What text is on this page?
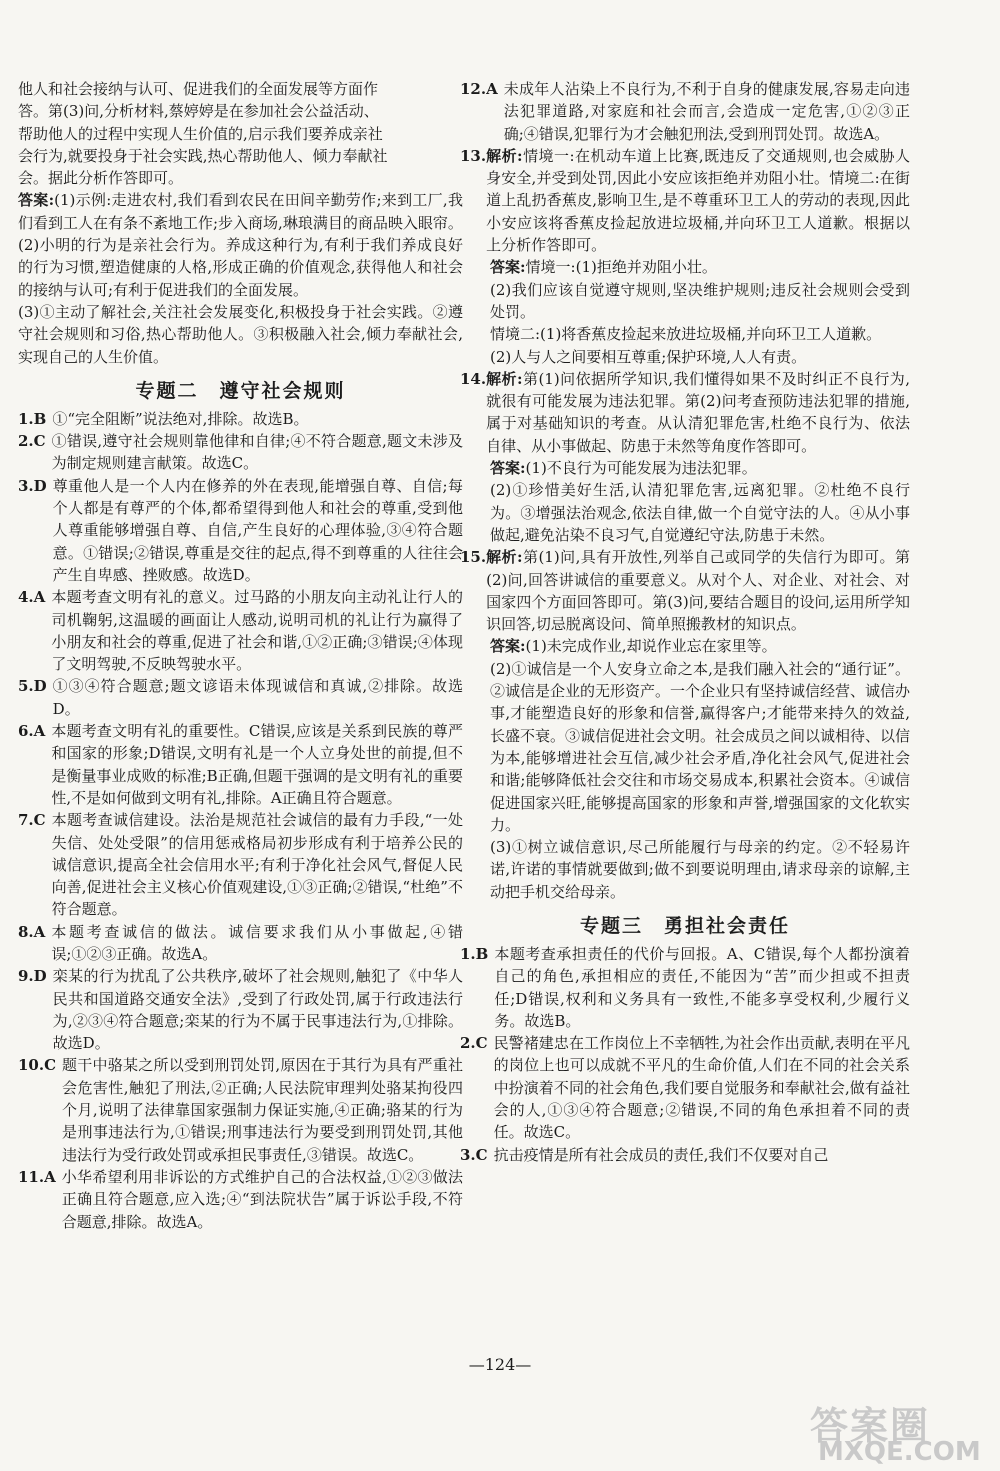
他人和社会接纳与认可、促进我们的全面发展等方面作

答。第(3)问,分析材料,蔡婷婷是在参加社会公益活动、

帮助他人的过程中实现人生价值的,启示我们要养成亲社

会行为,就要投身于社会实践,热心帮助他人、倾力奉献社

会。据此分析作答即可。

答案:(1)示例:走进农村,我们看到农民在田间辛勤劳作;来到工厂,我们看到工人在有条不紊地工作;步入商场,琳琅满目的商品映入眼帘。

(2)小明的行为是亲社会行为。养成这种行为,有利于我们养成良好的行为习惯,塑造健康的人格,形成正确的价值观念,获得他人和社会的接纳与认可;有利于促进我们的全面发展。

(3)①主动了解社会,关注社会发展变化,积极投身于社会实践。②遵守社会规则和习俗,热心帮助他人。③积极融入社会,倾力奉献社会,实现自己的人生价值。

专题二　遵守社会规则
1.B ①“完全阻断”说法绝对,排除。故选B。
2.C ①错误,遵守社会规则靠他律和自律;④不符合题意,题文未涉及为制定规则建言献策。故选C。
3.D 尊重他人是一个人内在修养的外在表现,能增强自尊、自信;每个人都是有尊严的个体,都希望得到他人和社会的尊重,受到他人尊重能够增强自尊、自信,产生良好的心理体验,③④符合题意。①错误;②错误,尊重是交往的起点,得不到尊重的人往往会产生自卑感、挫败感。故选D。
4.A 本题考查文明有礼的意义。过马路的小朋友向主动礼让行人的司机鞠躬,这温暖的画面让人感动,说明司机的礼让行为赢得了小朋友和社会的尊重,促进了社会和谐,①②正确;③错误;④体现了文明驾驶,不反映驾驶水平。
5.D ①③④符合题意;题文谚语未体现诚信和真诚,②排除。故选D。
6.A 本题考查文明有礼的重要性。C错误,应该是关系到民族的尊严和国家的形象;D错误,文明有礼是一个人立身处世的前提,但不是衡量事业成败的标准;B正确,但题干强调的是文明有礼的重要性,不是如何做到文明有礼,排除。A正确且符合题意。
7.C 本题考查诚信建设。法治是规范社会诚信的最有力手段,“一处失信、处处受限”的信用惩戒格局初步形成有利于培养公民的诚信意识,提高全社会信用水平;有利于净化社会风气,督促人民向善,促进社会主义核心价值观建设,①③正确;②错误,“杜绝”不符合题意。
8.A 本题考查诚信的做法。诚信要求我们从小事做起,④错误;①②③正确。故选A。
9.D 栾某的行为扰乱了公共秩序,破坏了社会规则,触犯了《中华人民共和国道路交通安全法》,受到了行政处罚,属于行政违法行为,②③④符合题意;栾某的行为不属于民事违法行为,①排除。故选D。
10.C 题干中骆某之所以受到刑罚处罚,原因在于其行为具有严重社会危害性,触犯了刑法,②正确;人民法院审理判处骆某拘役四个月,说明了法律靠国家强制力保证实施,④正确;骆某的行为是刑事违法行为,①错误;刑事违法行为要受到刑罚处罚,其他违法行为受行政处罚或承担民事责任,③错误。故选C。
11.A 小华希望利用非诉讼的方式维护自己的合法权益,①②③做法正确且符合题意,应入选;④“到法院状告”属于诉讼手段,不符合题意,排除。故选A。
12.A 未成年人沾染上不良行为,不利于自身的健康发展,容易走向违法犯罪道路,对家庭和社会而言,会造成一定危害,①②③正确;④错误,犯罪行为才会触犯刑法,受到刑罚处罚。故选A。
13. 解析:情境一:在机动车道上比赛,既违反了交通规则,也会威胁人身安全,并受到处罚,因此小安应该拒绝并劝阻小壮。情境二:在街道上乱扔香蕉皮,影响卫生,是不尊重环卫工人的劳动的表现,因此小安应该将香蕉皮捡起放进垃圾桶,并向环卫工人道歉。根据以上分析作答即可。
答案:情境一:(1)拒绝并劝阻小壮。

(2)我们应该自觉遵守规则,坚决维护规则;违反社会规则会受到处罚。

情境二:(1)将香蕉皮捡起来放进垃圾桶,并向环卫工人道歉。

(2)人与人之间要相互尊重;保护环境,人人有责。

14. 解析:第(1)问依据所学知识,我们懂得如果不及时纠正不良行为,就很有可能发展为违法犯罪。第(2)问考查预防违法犯罪的措施,属于对基础知识的考查。从认清犯罪危害,杜绝不良行为、依法自律、从小事做起、防患于未然等角度作答即可。
答案:(1)不良行为可能发展为违法犯罪。

(2)①珍惜美好生活,认清犯罪危害,远离犯罪。②杜绝不良行为。③增强法治观念,依法自律,做一个自觉守法的人。④从小事做起,避免沾染不良习气,自觉遵纪守法,防患于未然。

15. 解析:第(1)问,具有开放性,列举自己或同学的失信行为即可。第(2)问,回答讲诚信的重要意义。从对个人、对企业、对社会、对国家四个方面回答即可。第(3)问,要结合题目的设问,运用所学知识回答,切忌脱离设问、简单照搬教材的知识点。
答案:(1)未完成作业,却说作业忘在家里等。

(2)①诚信是一个人安身立命之本,是我们融入社会的“通行证”。②诚信是企业的无形资产。一个企业只有坚持诚信经营、诚信办事,才能塑造良好的形象和信誉,赢得客户;才能带来持久的效益,长盛不衰。③诚信促进社会文明。社会成员之间以诚相待、以信为本,能够增进社会互信,减少社会矛盾,净化社会风气,促进社会和谐;能够降低社会交往和市场交易成本,积累社会资本。④诚信促进国家兴旺,能够提高国家的形象和声誉,增强国家的文化软实力。

(3)①树立诚信意识,尽己所能履行与母亲的约定。②不轻易许诺,许诺的事情就要做到;做不到要说明理由,请求母亲的谅解,主动把手机交给母亲。

专题三　勇担社会责任
1.B 本题考查承担责任的代价与回报。A、C错误,每个人都扮演着自己的角色,承担相应的责任,不能因为“苦”而少担或不担责任;D错误,权利和义务具有一致性,不能多享受权利,少履行义务。故选B。
2.C 民警褚建忠在工作岗位上不幸牺牲,为社会作出贡献,表明在平凡的岗位上也可以成就不平凡的生命价值,人们在不同的社会关系中扮演着不同的社会角色,我们要自觉服务和奉献社会,做有益社会的人,①③④符合题意;②错误,不同的角色承担着不同的责任。故选C。
3.C 抗击疫情是所有社会成员的责任,我们不仅要对自己
—124—
答案圈
MXQE.COM
